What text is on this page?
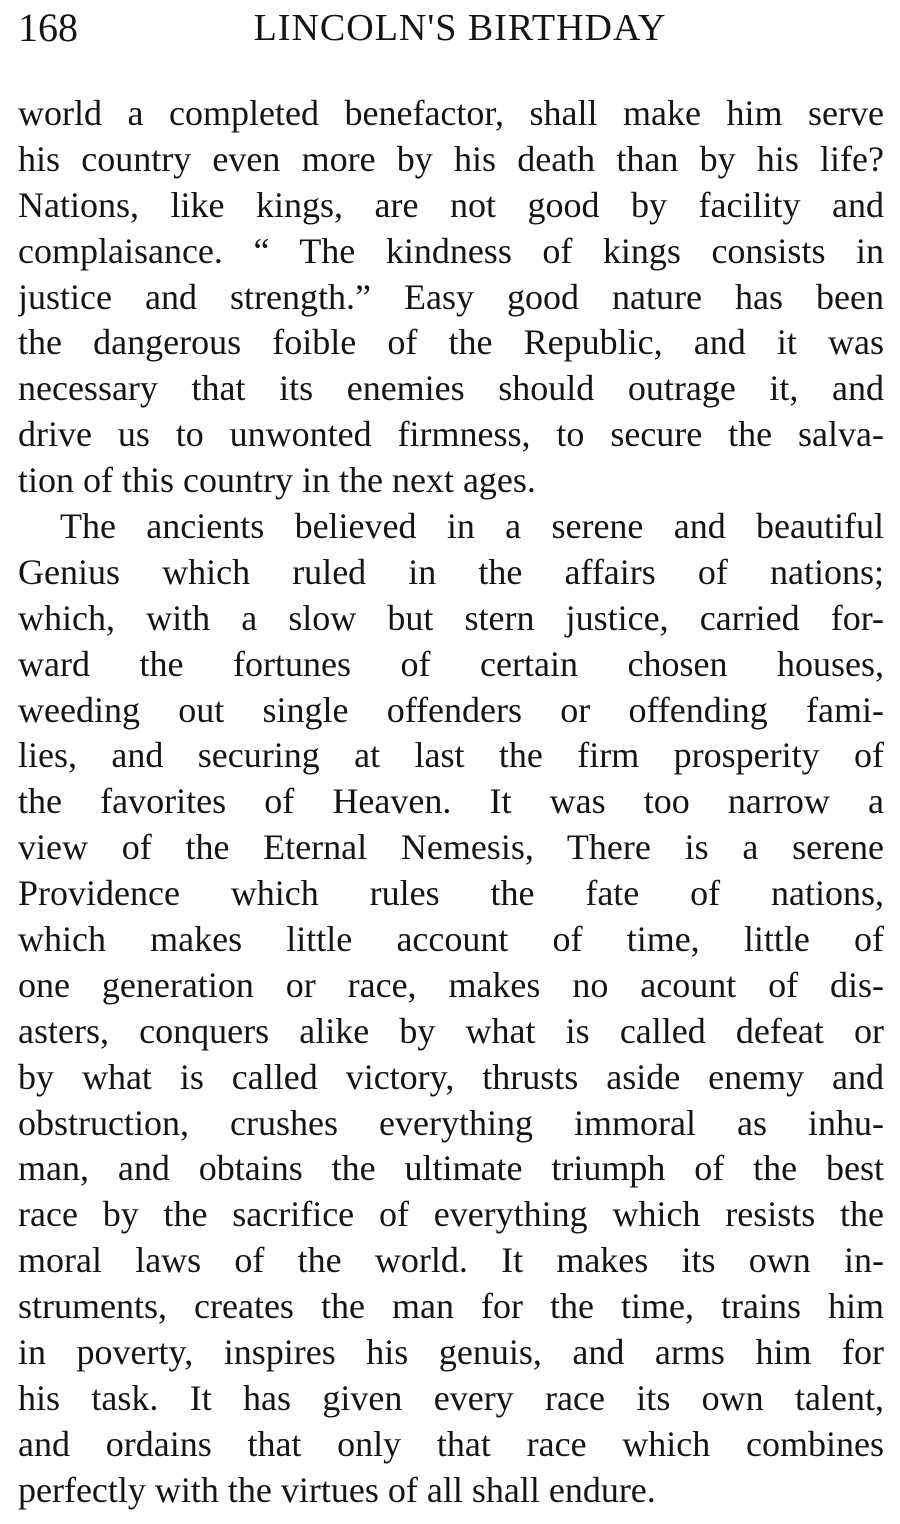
168	LINCOLN'S BIRTHDAY
world a completed benefactor, shall make him serve
his country even more by his death than by his life?
Nations, like kings, are not good by facility and
complaisance. “ The kindness of kings consists in
justice and strength.” Easy good nature has been
the dangerous foible of the Republic, and it was
necessary that its enemies should outrage it, and
drive us to unwonted firmness, to secure the salva-
tion of this country in the next ages.
The ancients believed in a serene and beautiful
Genius which ruled in the affairs of nations;
which, with a slow but stern justice, carried for-
ward the fortunes of certain chosen houses,
weeding out single offenders or offending fami-
lies, and securing at last the firm prosperity of
the favorites of Heaven. It was too narrow a
view of the Eternal Nemesis, There is a serene
Providence which rules the fate of nations,
which makes little account of time, little of
one generation or race, makes no acount of dis-
asters, conquers alike by what is called defeat or
by what is called victory, thrusts aside enemy and
obstruction, crushes everything immoral as inhu-
man, and obtains the ultimate triumph of the best
race by the sacrifice of everything which resists the
moral laws of the world. It makes its own in-
struments, creates the man for the time, trains him
in poverty, inspires his genuis, and arms him for
his task. It has given every race its own talent,
and ordains that only that race which combines
perfectly with the virtues of all shall endure.
